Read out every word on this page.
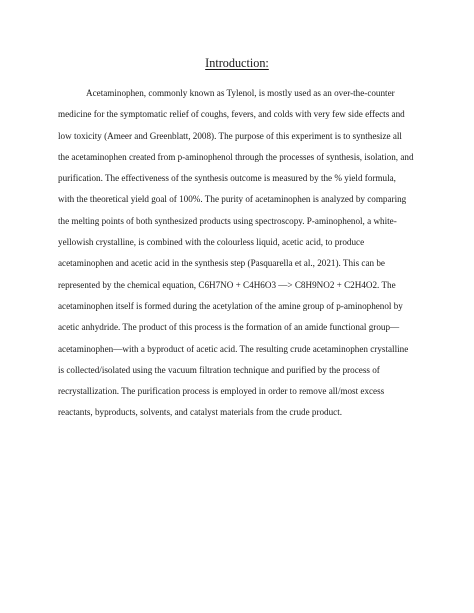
Introduction:
Acetaminophen, commonly known as Tylenol, is mostly used as an over-the-counter
medicine for the symptomatic relief of coughs, fevers, and colds with very few side effects and
low toxicity (Ameer and Greenblatt, 2008). The purpose of this experiment is to synthesize all
the acetaminophen created from p-aminophenol through the processes of synthesis, isolation, and
purification. The effectiveness of the synthesis outcome is measured by the % yield formula,
with the theoretical yield goal of 100%. The purity of acetaminophen is analyzed by comparing
the melting points of both synthesized products using spectroscopy. P-aminophenol, a white-
yellowish crystalline, is combined with the colourless liquid, acetic acid, to produce
acetaminophen and acetic acid in the synthesis step (Pasquarella et al., 2021). This can be
represented by the chemical equation, C6H7NO + C4H6O3 —> C8H9NO2 + C2H4O2. The
acetaminophen itself is formed during the acetylation of the amine group of p-aminophenol by
acetic anhydride. The product of this process is the formation of an amide functional group—
acetaminophen—with a byproduct of acetic acid. The resulting crude acetaminophen crystalline
is collected/isolated using the vacuum filtration technique and purified by the process of
recrystallization. The purification process is employed in order to remove all/most excess
reactants, byproducts, solvents, and catalyst materials from the crude product.
